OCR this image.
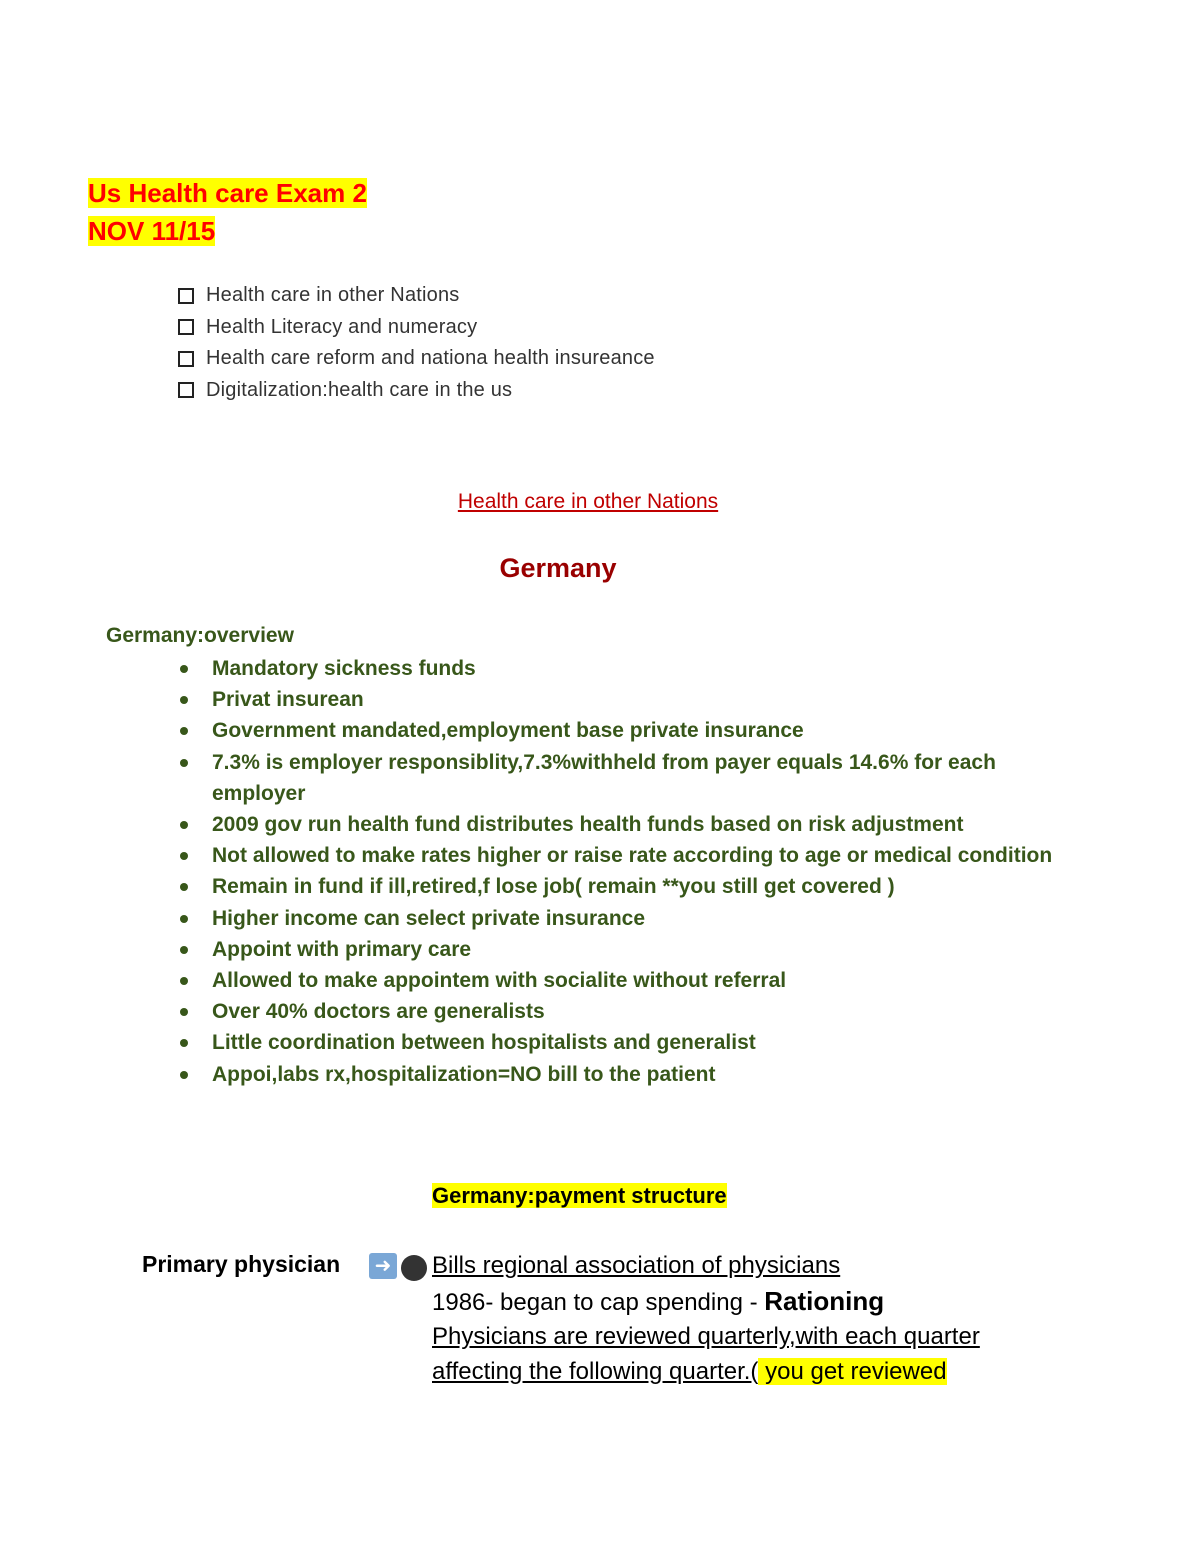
Us Health care Exam 2
NOV 11/15
Health care in other Nations
Health Literacy and numeracy
Health care reform and nationa health insureance
Digitalization:health care in the us
Health care in other Nations
Germany
Germany:overview
Mandatory sickness funds
Privat insurean
Government mandated,employment base private insurance
7.3% is employer responsiblity,7.3%withheld from payer equals 14.6% for each employer
2009 gov run health fund distributes health funds based on risk adjustment
Not allowed to make rates higher or raise rate according to age or medical condition
Remain in fund if ill,retired,f lose job( remain **you still get covered )
Higher income can select private insurance
Appoint with primary care
Allowed to make appointem with socialite without referral
Over 40% doctors are generalists
Little coordination between hospitalists and generalist
Appoi,labs rx,hospitalization=NO bill to the patient
Germany:payment structure
Primary physician ➜ Bills regional association of physicians
1986- began to cap spending - Rationing
Physicians are reviewed quarterly,with each quarter
affecting the following quarter.( you get reviewed
